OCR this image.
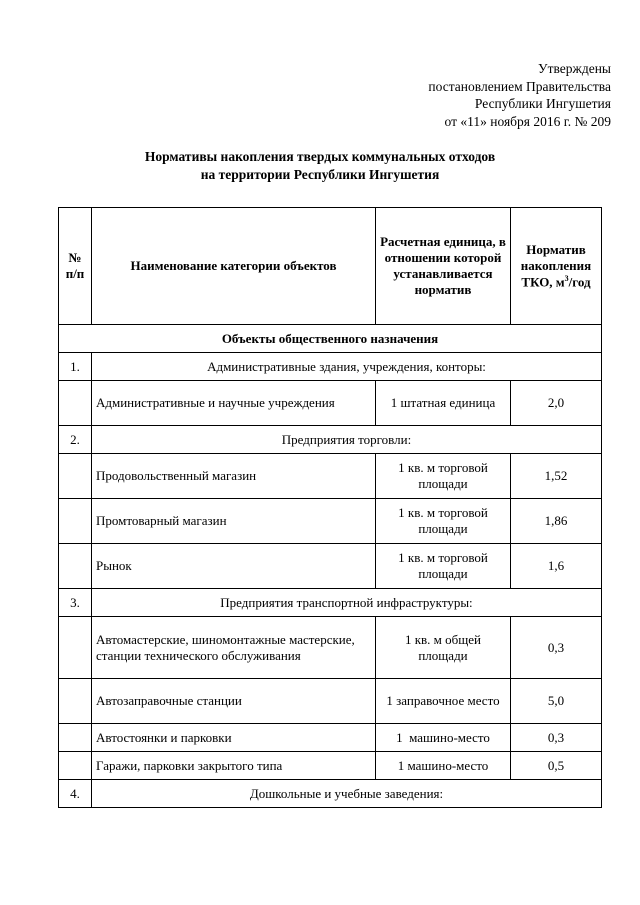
Утверждены
постановлением Правительства
Республики Ингушетия
от «11» ноября 2016 г. № 209
Нормативы накопления твердых коммунальных отходов
на территории Республики Ингушетия
№ п/п	Наименование категории объектов	Расчетная единица, в отношении которой устанавливается норматив	Норматив накопления ТКО, $м^3$/год
Объекты общественного назначения			
1.	Административные здания, учреждения, конторы:		
	Административные и научные учреждения	1 штатная единица	2,0
2.	Предприятия торговли:		
	Продовольственный магазин	1 кв. м торговой площади	1,52
	Промтоварный магазин	1 кв. м торговой площади	1,86
	Рынок	1 кв. м торговой площади	1,6
3.	Предприятия транспортной инфраструктуры:		
	Автомастерские, шиномонтажные мастерские, станции технического обслуживания	1 кв. м общей площади	0,3
	Автозаправочные станции	1 заправочное место	5,0
	Автостоянки и парковки	1  машино-место	0,3
	Гаражи, парковки закрытого типа	1 машино-место	0,5
4.	Дошкольные и учебные заведения:		
